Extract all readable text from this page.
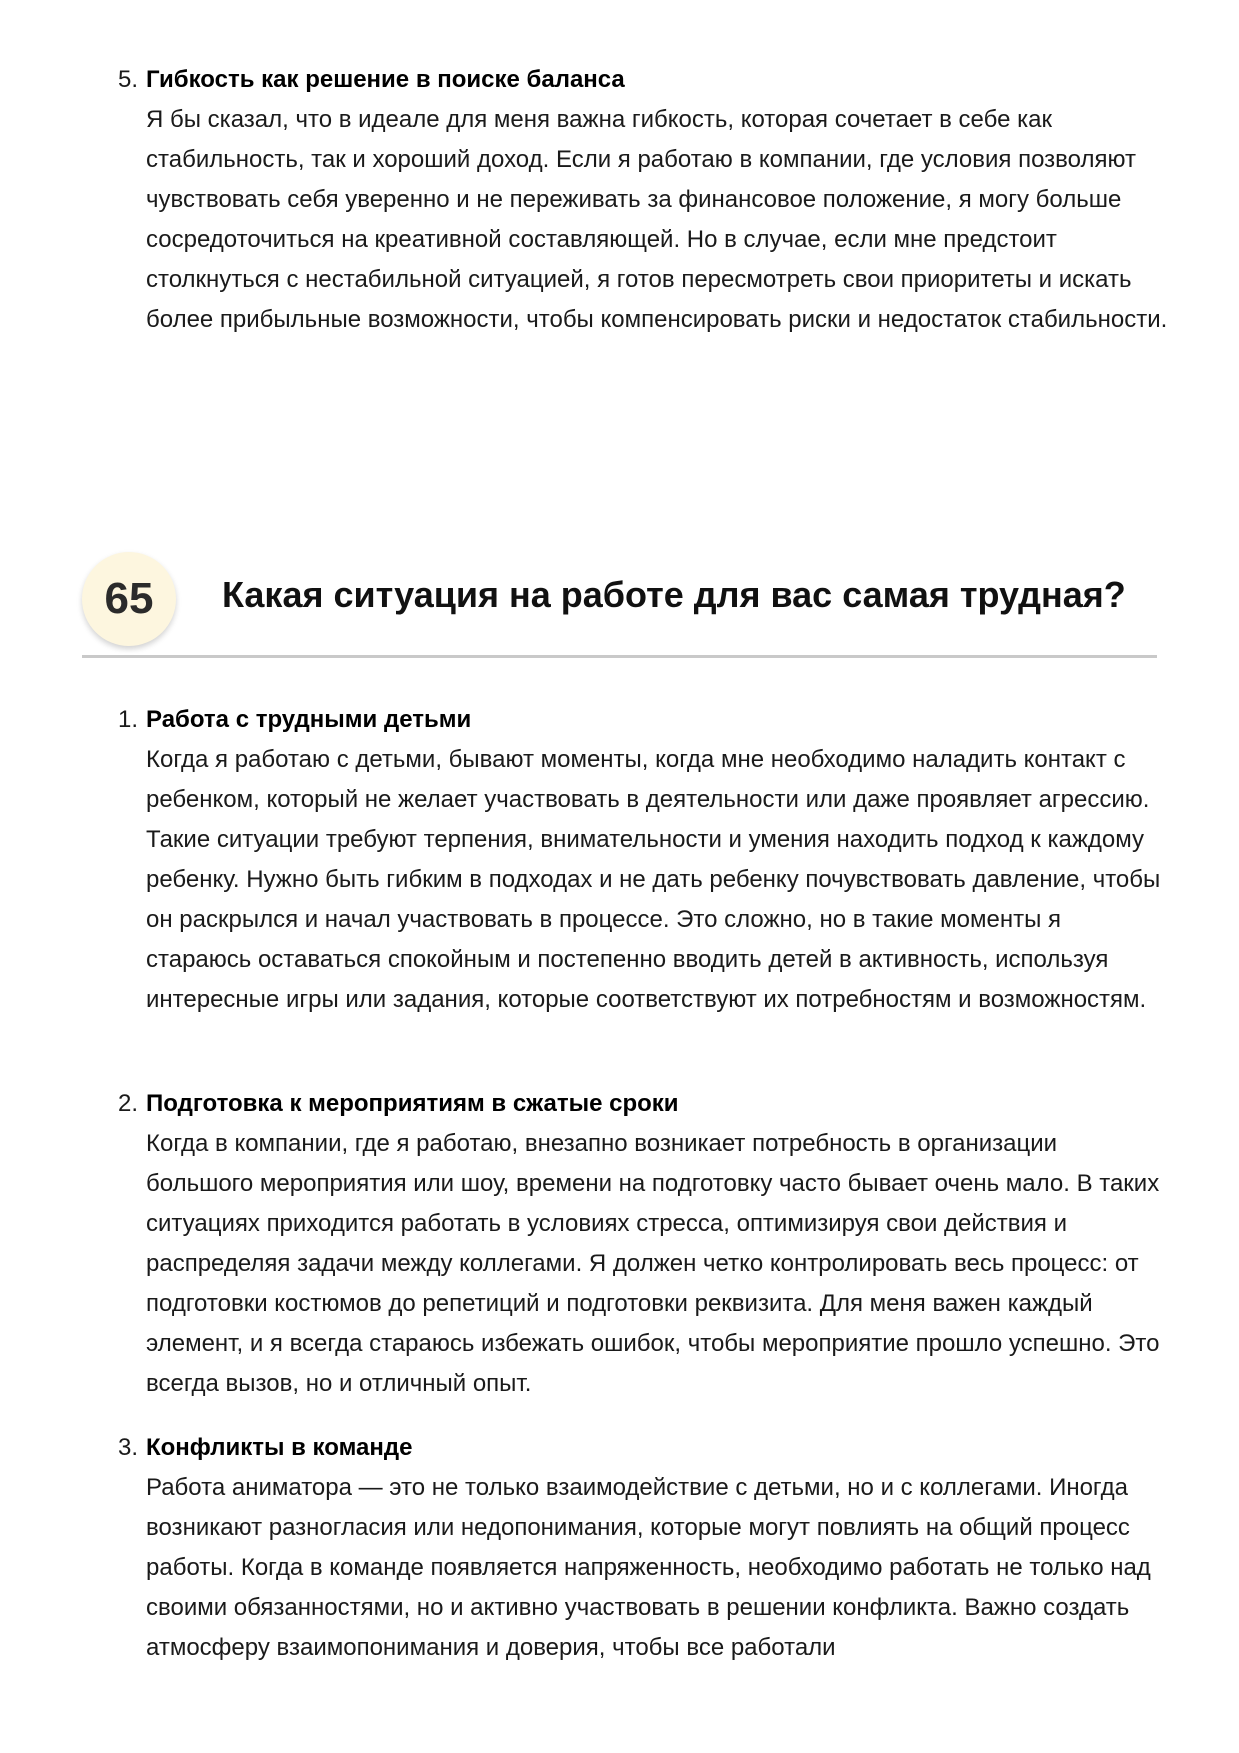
5. Гибкость как решение в поиске баланса

Я бы сказал, что в идеале для меня важна гибкость, которая сочетает в себе как стабильность, так и хороший доход. Если я работаю в компании, где условия позволяют чувствовать себя уверенно и не переживать за финансовое положение, я могу больше сосредоточиться на креативной составляющей. Но в случае, если мне предстоит столкнуться с нестабильной ситуацией, я готов пересмотреть свои приоритеты и искать более прибыльные возможности, чтобы компенсировать риски и недостаток стабильности.

65	Какая ситуация на работе для вас самая трудная?

1. Работа с трудными детьми

Когда я работаю с детьми, бывают моменты, когда мне необходимо наладить контакт с ребенком, который не желает участвовать в деятельности или даже проявляет агрессию. Такие ситуации требуют терпения, внимательности и умения находить подход к каждому ребенку. Нужно быть гибким в подходах и не дать ребенку почувствовать давление, чтобы он раскрылся и начал участвовать в процессе. Это сложно, но в такие моменты я стараюсь оставаться спокойным и постепенно вводить детей в активность, используя интересные игры или задания, которые соответствуют их потребностям и возможностям.

2. Подготовка к мероприятиям в сжатые сроки

Когда в компании, где я работаю, внезапно возникает потребность в организации большого мероприятия или шоу, времени на подготовку часто бывает очень мало. В таких ситуациях приходится работать в условиях стресса, оптимизируя свои действия и распределяя задачи между коллегами. Я должен четко контролировать весь процесс: от подготовки костюмов до репетиций и подготовки реквизита. Для меня важен каждый элемент, и я всегда стараюсь избежать ошибок, чтобы мероприятие прошло успешно. Это всегда вызов, но и отличный опыт.

3. Конфликты в команде

Работа аниматора — это не только взаимодействие с детьми, но и с коллегами. Иногда возникают разногласия или недопонимания, которые могут повлиять на общий процесс работы. Когда в команде появляется напряженность, необходимо работать не только над своими обязанностями, но и активно участвовать в решении конфликта. Важно создать атмосферу взаимопонимания и доверия, чтобы все работали
